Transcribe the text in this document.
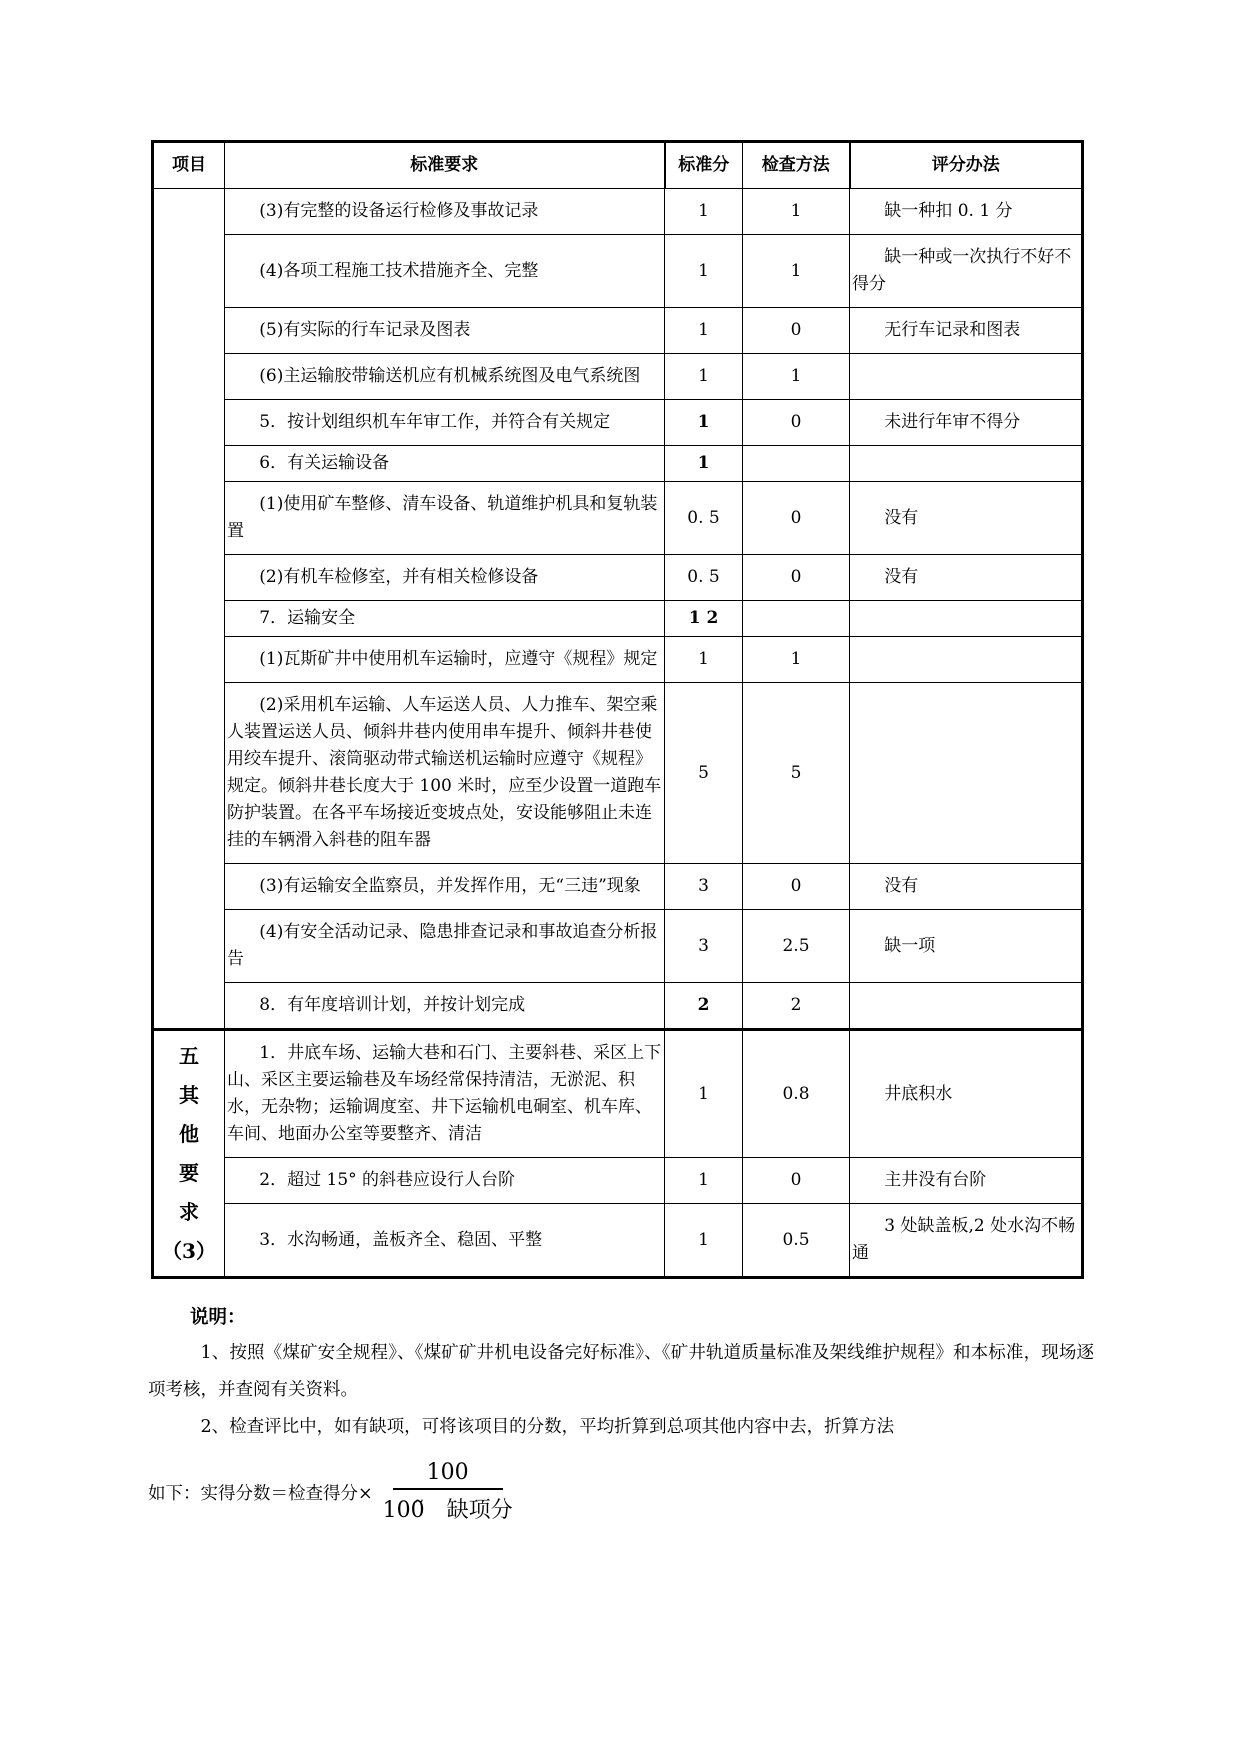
项目	标准要求	标准分	检查方法	评分办法
	(3)有完整的设备运行检修及事故记录	1	1	缺一种扣 0. 1 分
	(4)各项工程施工技术措施齐全、完整	1	1	缺一种或一次执行不好不得分
	(5)有实际的行车记录及图表	1	0	无行车记录和图表
	(6)主运输胶带输送机应有机械系统图及电气系统图	1	1	
	5．按计划组织机车年审工作，并符合有关规定	1	0	未进行年审不得分
	6．有关运输设备	1		
	(1)使用矿车整修、清车设备、轨道维护机具和复轨装置	0. 5	0	没有
	(2)有机车检修室，并有相关检修设备	0. 5	0	没有
	7．运输安全	1 2		
	(1)瓦斯矿井中使用机车运输时，应遵守《规程》规定	1	1	
	(2)采用机车运输、人车运送人员、人力推车、架空乘人装置运送人员、倾斜井巷内使用串车提升、倾斜井巷使用绞车提升、滚筒驱动带式输送机运输时应遵守《规程》规定。倾斜井巷长度大于 100 米时，应至少设置一道跑车防护装置。在各平车场接近变坡点处，安设能够阻止未连挂的车辆滑入斜巷的阻车器	5	5	
	(3)有运输安全监察员，并发挥作用，无“三违”现象	3	0	没有
	(4)有安全活动记录、隐患排查记录和事故追查分析报告	3	2.5	缺一项
	8．有年度培训计划，并按计划完成	2	2	

五
其
他
要
求
（3）
	1．井底车场、运输大巷和石门、主要斜巷、采区上下山、采区主要运输巷及车场经常保持清洁，无淤泥、积水，无杂物；运输调度室、井下运输机电硐室、机车库、车间、地面办公室等要整齐、清洁	1	0.8	井底积水
	2．超过 15° 的斜巷应设行人台阶	1	0	主井没有台阶
	3．水沟畅通，盖板齐全、稳固、平整	1	0.5	3 处缺盖板,2 处水沟不畅通
说明：

1、按照《煤矿安全规程》、《煤矿矿井机电设备完好标准》、《矿井轨道质量标准及架线维护规程》和本标准，现场逐项考核，并查阅有关资料。

2、检查评比中，如有缺项，可将该项目的分数，平均折算到总项其他内容中去，折算方法

如下：实得分数＝检查得分× $\frac{100}{\text{100̃　缺项分}}$
